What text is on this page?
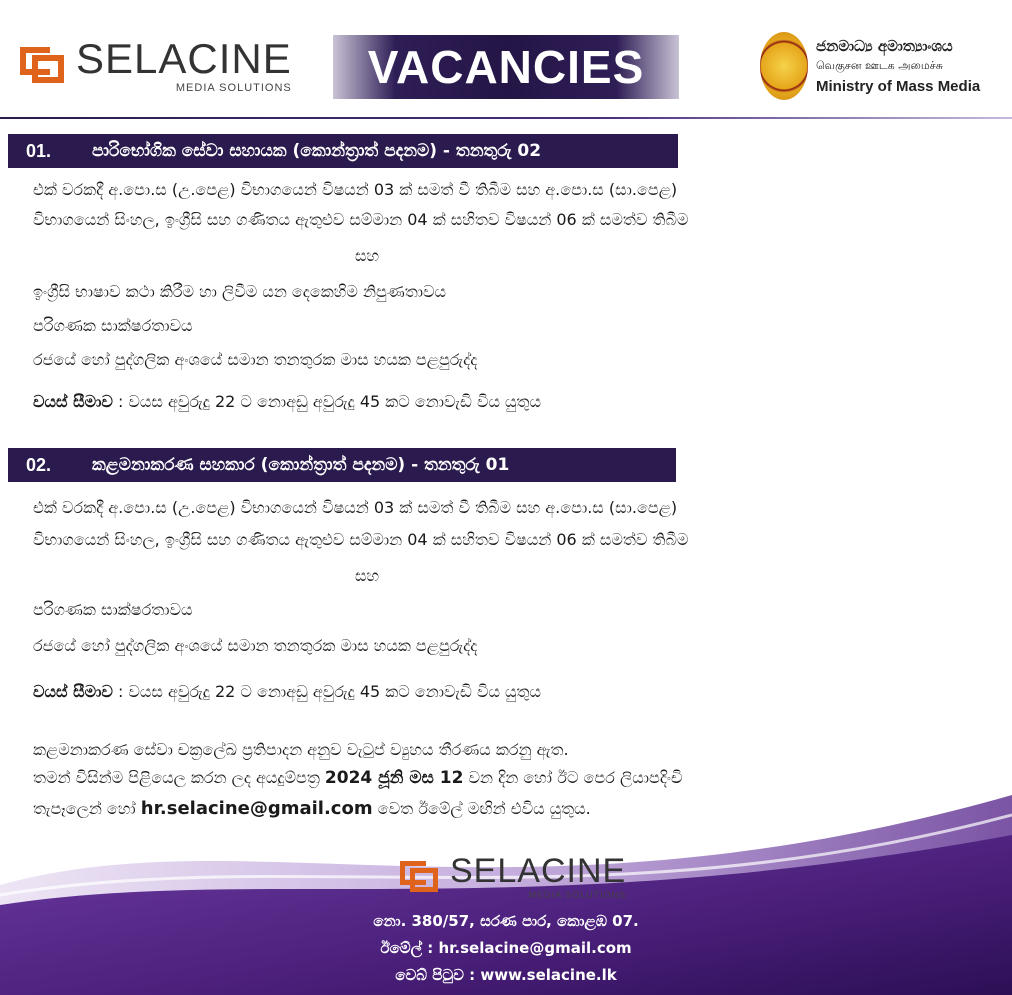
SELACINE
MEDIA SOLUTIONS VACANCIES	ජනමාධ්‍ය අමාත්‍යාංශය
வெகுசன ஊடக அமைச்சு
Ministry of Mass Media
01.	පාරිභෝගික සේවා සහායක (කොන්ත්‍රාත් පදනම) - තනතුරු 02
එක් වරකදී අ.පො.ස (උ.පෙළ) විභාගයෙන් විෂයන් 03 ක් සමත් වී තිබීම සහ අ.පො.ස (සා.පෙළ)
විභාගයෙන් සිංහල, ඉංග්‍රීසි සහ ගණිතය ඇතුළුව සම්මාන 04 ක් සහිතව විෂයන් 06 ක් සමත්ව තිබීම
සහ
ඉංග්‍රීසි භාෂාව කථා කිරීම හා ලිවීම යන දෙකෙහිම නිපුණතාවය
පරිගණක සාක්ෂරතාවය
රජයේ හෝ පුද්ගලික අංශයේ සමාන තනතුරක මාස හයක පළපුරුද්ද
වයස් සීමාව : වයස අවුරුදු 22 ට නොඅඩු අවුරුදු 45 කට නොවැඩි විය යුතුය
02.	කළමනාකරණ සහකාර (කොන්ත්‍රාත් පදනම) - තනතුරු 01
එක් වරකදී අ.පො.ස (උ.පෙළ) විභාගයෙන් විෂයන් 03 ක් සමත් වී තිබීම සහ අ.පො.ස (සා.පෙළ)
විභාගයෙන් සිංහල, ඉංග්‍රීසි සහ ගණිතය ඇතුළුව සම්මාන 04 ක් සහිතව විෂයන් 06 ක් සමත්ව තිබීම
සහ
පරිගණක සාක්ෂරතාවය
රජයේ හෝ පුද්ගලික අංශයේ සමාන තනතුරක මාස හයක පළපුරුද්ද
වයස් සීමාව : වයස අවුරුදු 22 ට නොඅඩු අවුරුදු 45 කට නොවැඩි විය යුතුය
කළමනාකරණ සේවා චක්‍රලේඛ ප්‍රතිපාදන අනුව වැටුප් ව්‍යුහය තීරණය කරනු ඇත.
තමන් විසින්ම පිළියෙල කරන ලද අයදුම්පත්‍ර 2024 ජූනි මස 12 වන දින හෝ ඊට පෙර ලියාපදිංචි
තැපෑලෙන් හෝ hr.selacine@gmail.com වෙත ඊමේල් මඟින් එවිය යුතුය.
SELACINE
MEDIA SOLUTIONS
නො. 380/57, සරණ පාර, කොළඹ 07.
ඊමේල් : hr.selacine@gmail.com
වෙබ් පිටුව : www.selacine.lk
